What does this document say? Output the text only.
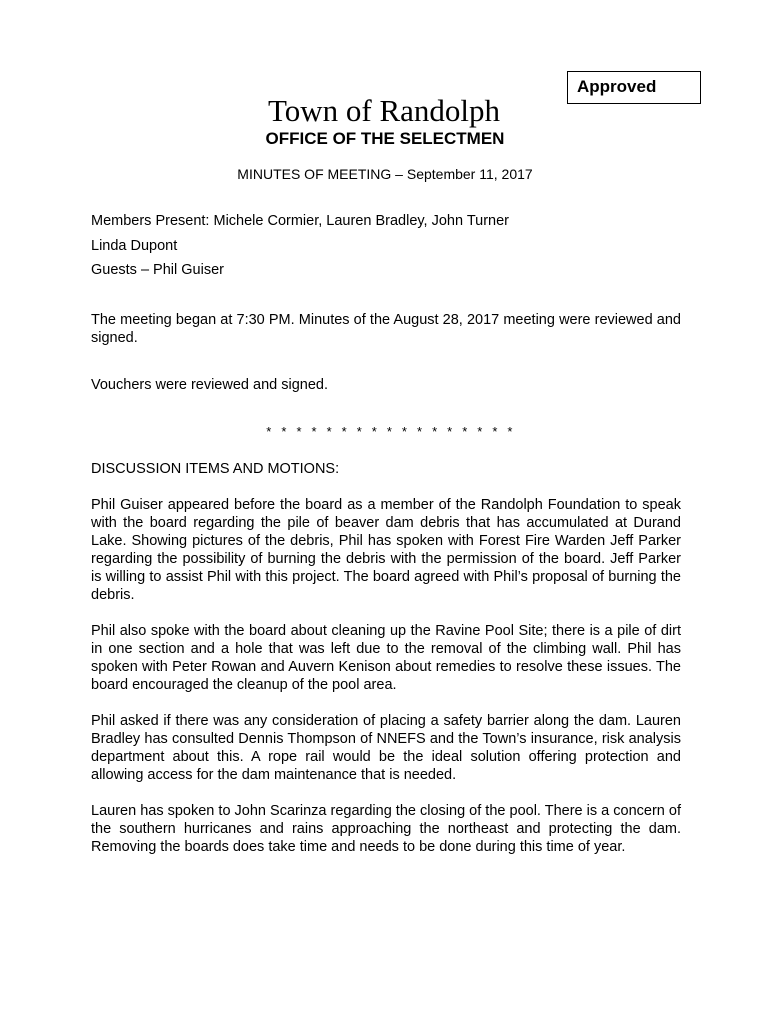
Approved
Town of Randolph
OFFICE OF THE SELECTMEN
MINUTES OF MEETING – September 11, 2017
Members Present: Michele Cormier, Lauren Bradley, John Turner
Linda Dupont
Guests – Phil Guiser

The meeting began at 7:30 PM. Minutes of the August 28, 2017 meeting were reviewed and signed.

Vouchers were reviewed and signed.
* * * * * * * * * * * * * * * * *
DISCUSSION ITEMS AND MOTIONS:

Phil Guiser appeared before the board as a member of the Randolph Foundation to speak with the board regarding the pile of beaver dam debris that has accumulated at Durand Lake. Showing pictures of the debris, Phil has spoken with Forest Fire Warden Jeff Parker regarding the possibility of burning the debris with the permission of the board. Jeff Parker is willing to assist Phil with this project. The board agreed with Phil’s proposal of burning the debris.

Phil also spoke with the board about cleaning up the Ravine Pool Site; there is a pile of dirt in one section and a hole that was left due to the removal of the climbing wall. Phil has spoken with Peter Rowan and Auvern Kenison about remedies to resolve these issues. The board encouraged the cleanup of the pool area.

Phil asked if there was any consideration of placing a safety barrier along the dam. Lauren Bradley has consulted Dennis Thompson of NNEFS and the Town’s insurance, risk analysis department about this. A rope rail would be the ideal solution offering protection and allowing access for the dam maintenance that is needed.

Lauren has spoken to John Scarinza regarding the closing of the pool. There is a concern of the southern hurricanes and rains approaching the northeast and protecting the dam. Removing the boards does take time and needs to be done during this time of year.
